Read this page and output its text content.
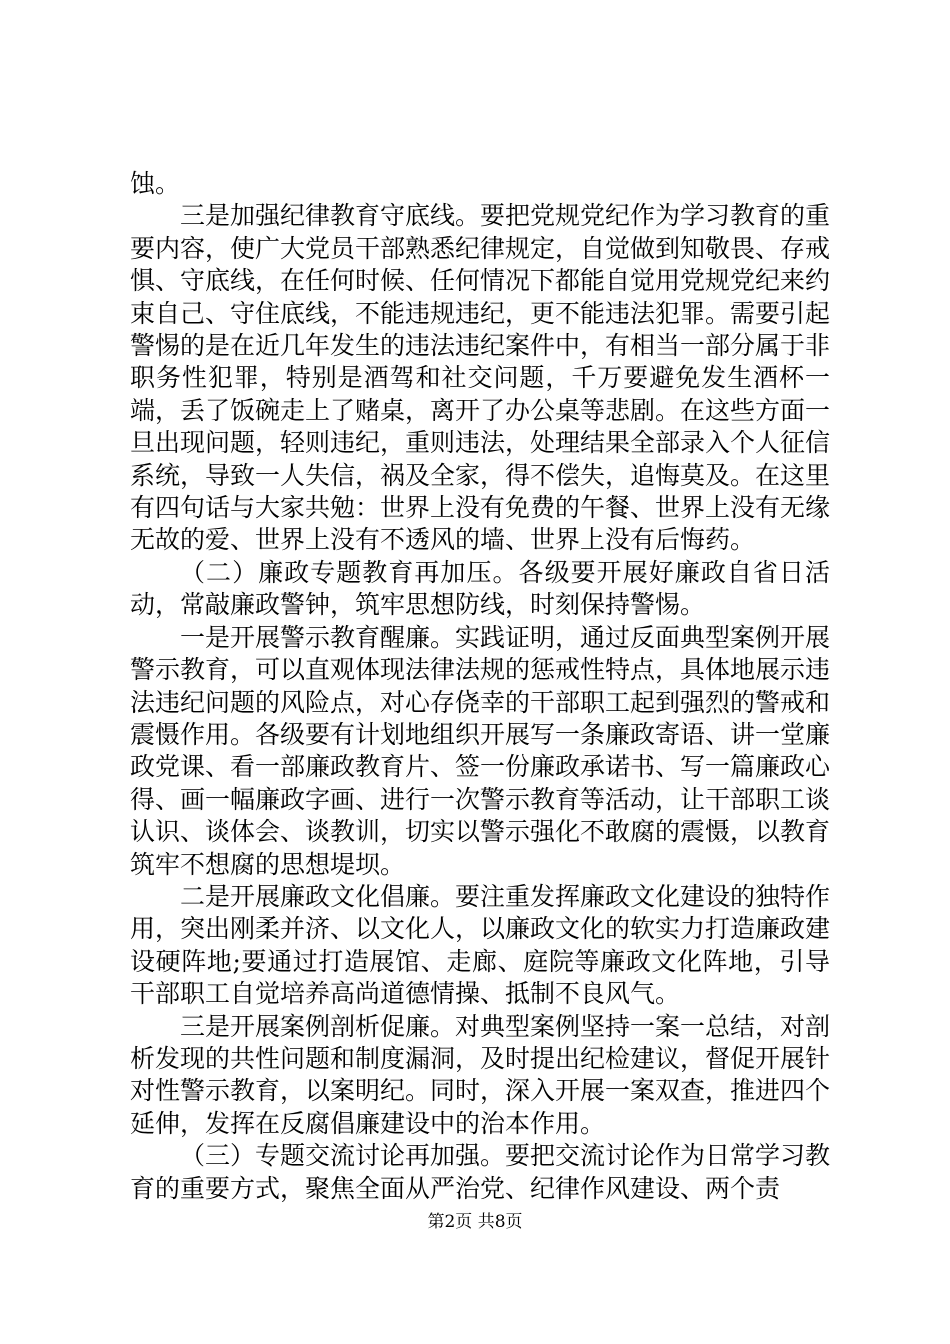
蚀。

三是加强纪律教育守底线。要把党规党纪作为学习教育的重要内容，使广大党员干部熟悉纪律规定，自觉做到知敬畏、存戒惧、守底线，在任何时候、任何情况下都能自觉用党规党纪来约束自己、守住底线，不能违规违纪，更不能违法犯罪。需要引起警惕的是在近几年发生的违法违纪案件中，有相当一部分属于非职务性犯罪，特别是酒驾和社交问题，千万要避免发生酒杯一端，丢了饭碗走上了赌桌，离开了办公桌等悲剧。在这些方面一旦出现问题，轻则违纪，重则违法，处理结果全部录入个人征信系统，导致一人失信，祸及全家，得不偿失，追悔莫及。在这里有四句话与大家共勉：世界上没有免费的午餐、世界上没有无缘无故的爱、世界上没有不透风的墙、世界上没有后悔药。

（二）廉政专题教育再加压。各级要开展好廉政自省日活动，常敲廉政警钟，筑牢思想防线，时刻保持警惕。

一是开展警示教育醒廉。实践证明，通过反面典型案例开展警示教育，可以直观体现法律法规的惩戒性特点，具体地展示违法违纪问题的风险点，对心存侥幸的干部职工起到强烈的警戒和震慑作用。各级要有计划地组织开展写一条廉政寄语、讲一堂廉政党课、看一部廉政教育片、签一份廉政承诺书、写一篇廉政心得、画一幅廉政字画、进行一次警示教育等活动，让干部职工谈认识、谈体会、谈教训，切实以警示强化不敢腐的震慑，以教育筑牢不想腐的思想堤坝。

二是开展廉政文化倡廉。要注重发挥廉政文化建设的独特作用，突出刚柔并济、以文化人，以廉政文化的软实力打造廉政建设硬阵地;要通过打造展馆、走廊、庭院等廉政文化阵地，引导干部职工自觉培养高尚道德情操、抵制不良风气。

三是开展案例剖析促廉。对典型案例坚持一案一总结，对剖析发现的共性问题和制度漏洞，及时提出纪检建议，督促开展针对性警示教育，以案明纪。同时，深入开展一案双查，推进四个延伸，发挥在反腐倡廉建设中的治本作用。

（三）专题交流讨论再加强。要把交流讨论作为日常学习教育的重要方式，聚焦全面从严治党、纪律作风建设、两个责

第2页 共8页
